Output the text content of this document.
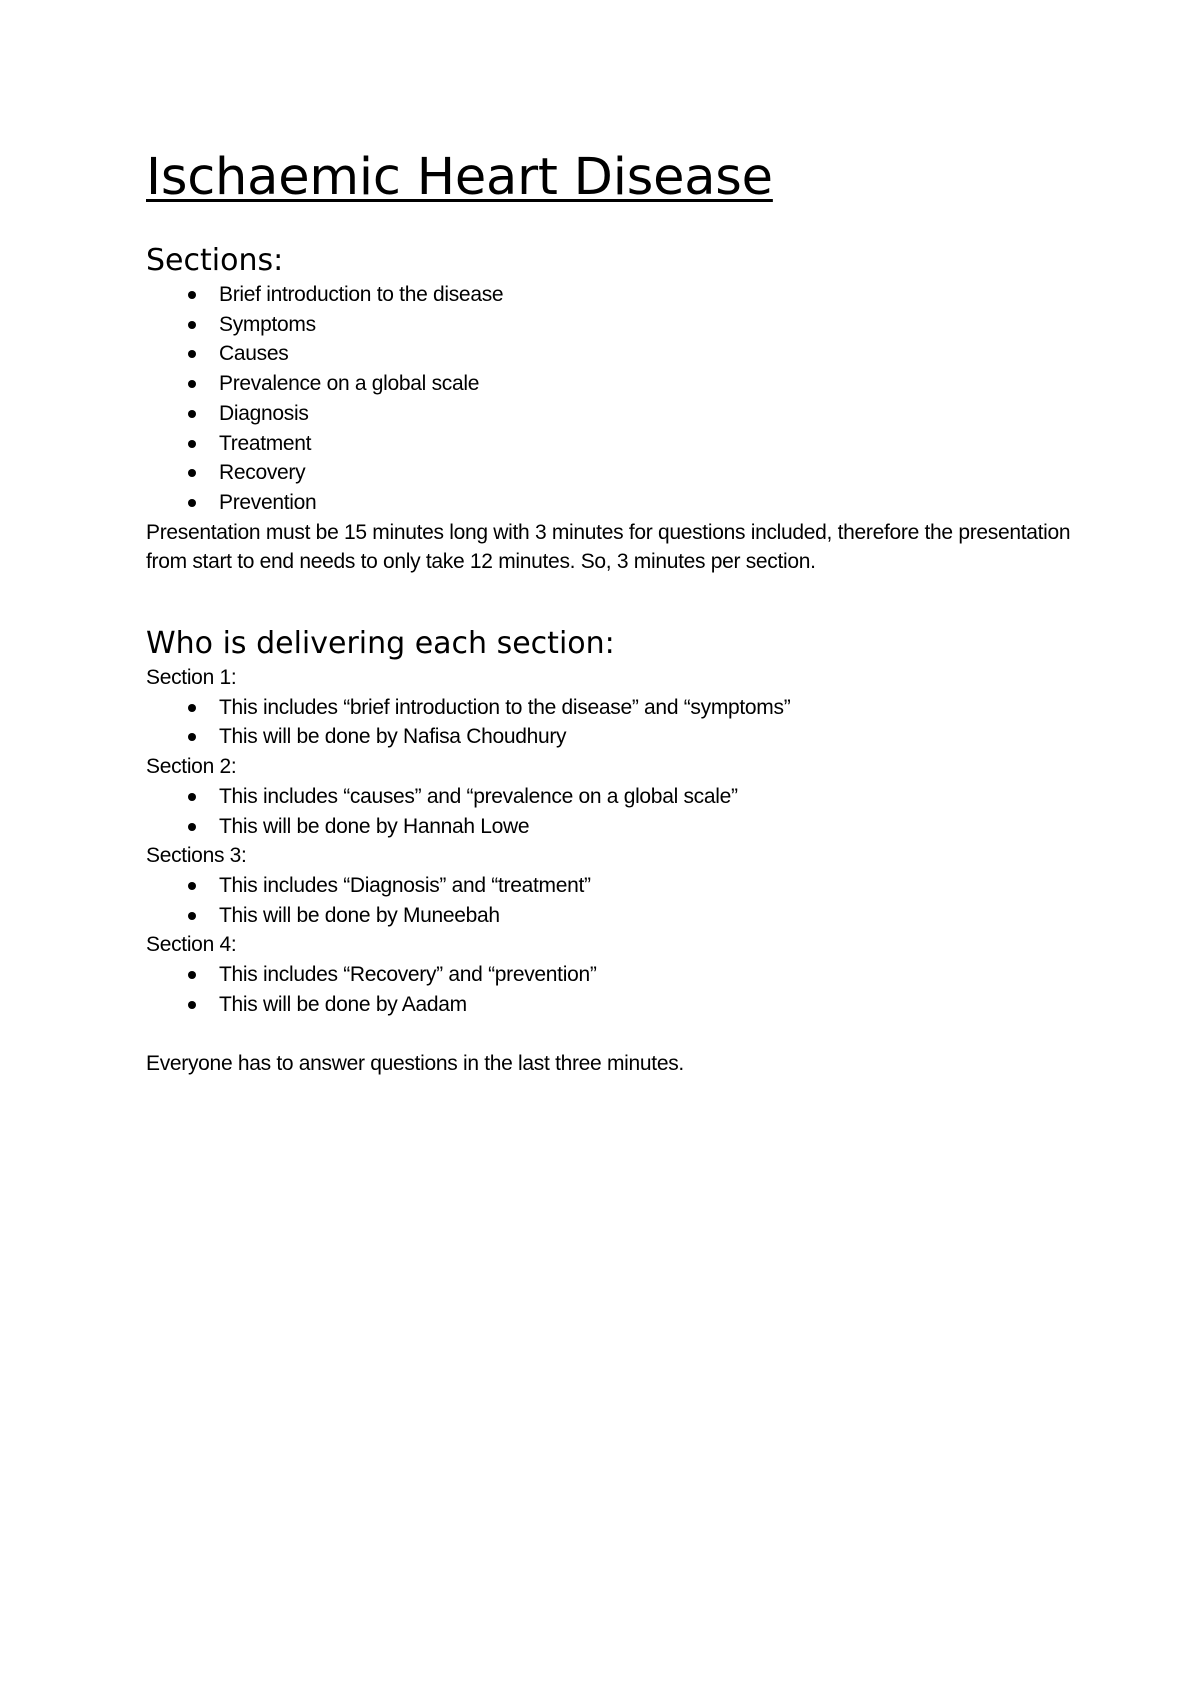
Ischaemic Heart Disease
Sections:
Brief introduction to the disease
Symptoms
Causes
Prevalence on a global scale
Diagnosis
Treatment
Recovery
Prevention

Presentation must be 15 minutes long with 3 minutes for questions included, therefore the presentation from start to end needs to only take 12 minutes. So, 3 minutes per section.

Who is delivering each section:

Section 1:

This includes “brief introduction to the disease” and “symptoms”
This will be done by Nafisa Choudhury

Section 2:

This includes “causes” and “prevalence on a global scale”
This will be done by Hannah Lowe

Sections 3:

This includes “Diagnosis” and “treatment”
This will be done by Muneebah

Section 4:

This includes “Recovery” and “prevention”
This will be done by Aadam

Everyone has to answer questions in the last three minutes.
